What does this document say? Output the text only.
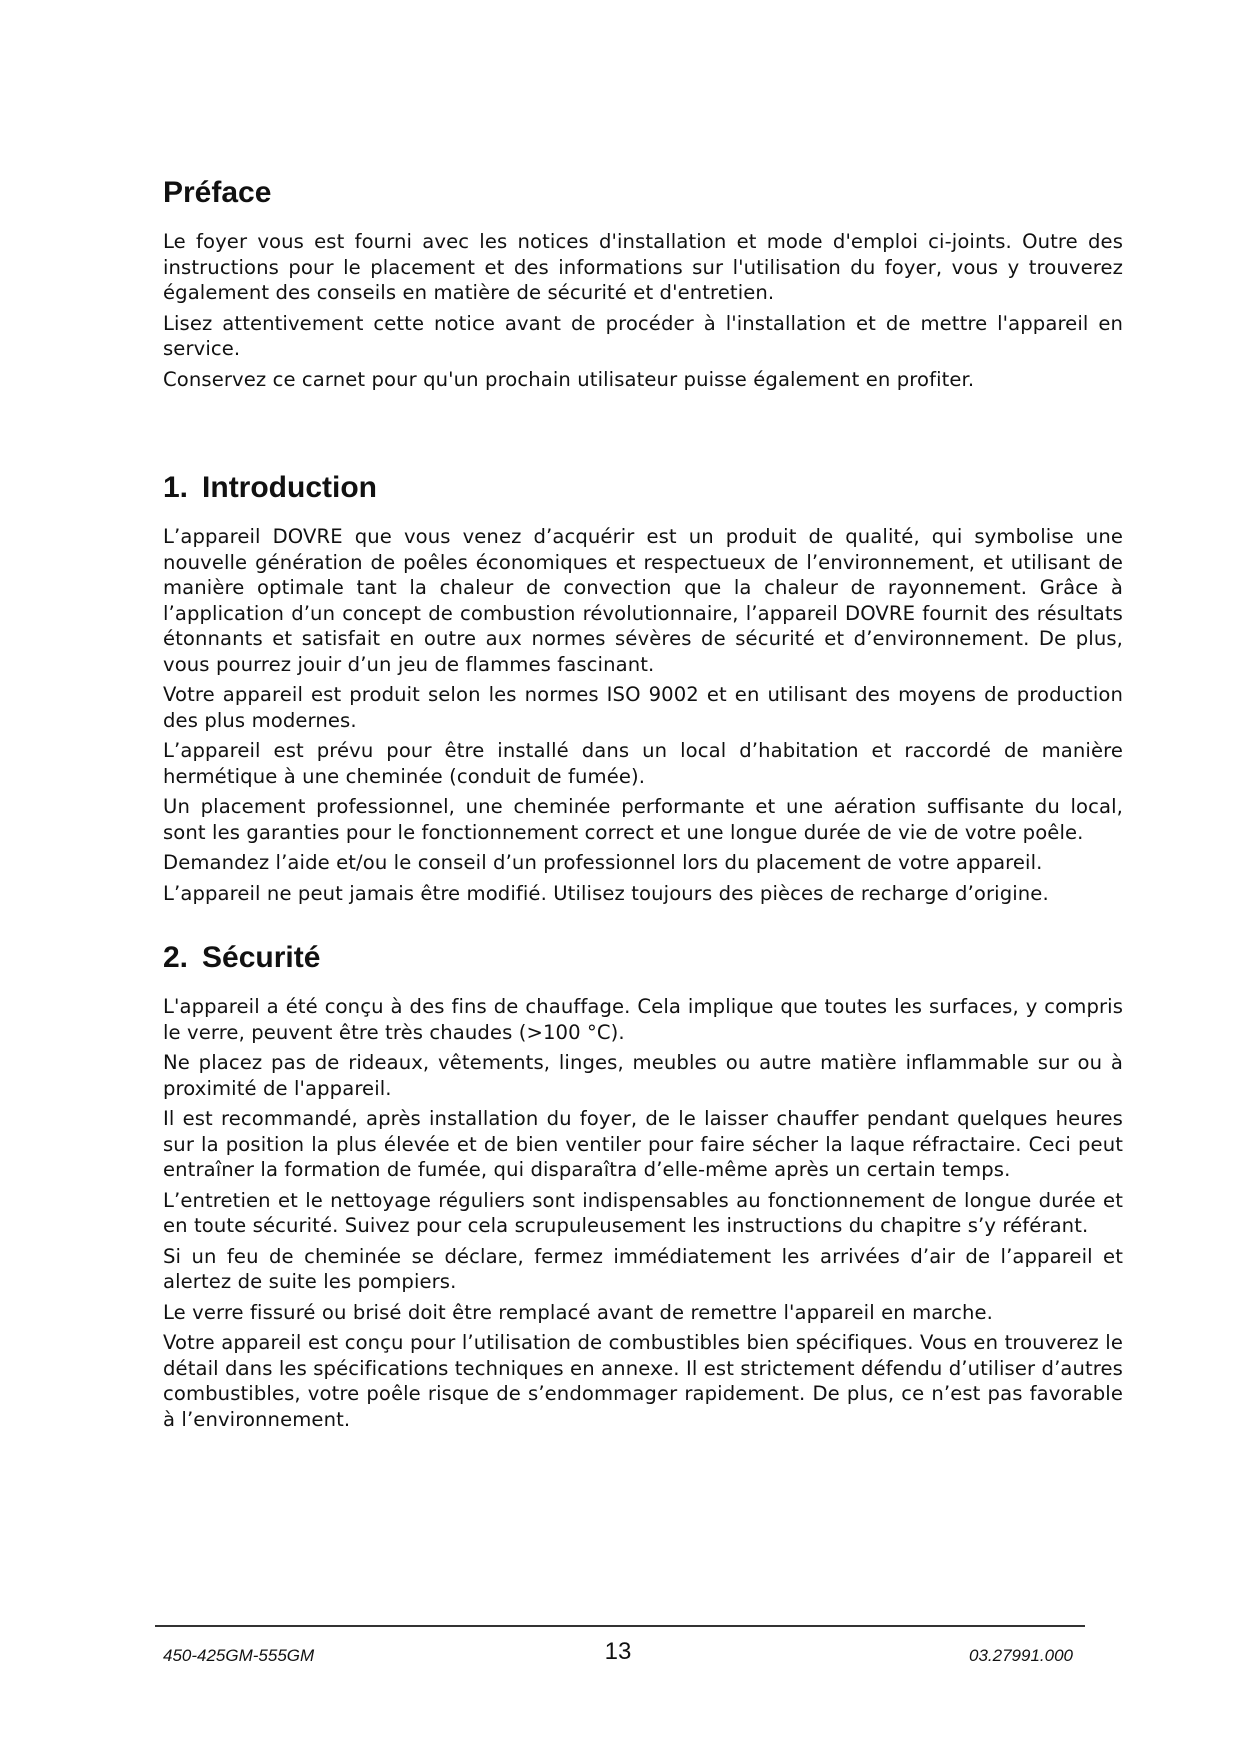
Préface

Le foyer vous est fourni avec les notices d'installation et mode d'emploi ci-joints. Outre des instructions pour le placement et des informations sur l'utilisation du foyer, vous y trouverez également des conseils en matière de sécurité et d'entretien.

Lisez attentivement cette notice avant de procéder à l'installation et de mettre l'appareil en service.

Conservez ce carnet pour qu'un prochain utilisateur puisse également en profiter.

1. Introduction

L’appareil DOVRE que vous venez d’acquérir est un produit de qualité, qui symbolise une nouvelle génération de poêles économiques et respectueux de l’environnement, et utilisant de manière optimale tant la chaleur de convection que la chaleur de rayonnement. Grâce à l’application d’un concept de combustion révolutionnaire, l’appareil DOVRE fournit des résultats étonnants et satisfait en outre aux normes sévères de sécurité et d’environnement. De plus, vous pourrez jouir d’un jeu de flammes fascinant.

Votre appareil est produit selon les normes ISO 9002 et en utilisant des moyens de production des plus modernes.

L’appareil est prévu pour être installé dans un local d’habitation et raccordé de manière hermétique à une cheminée (conduit de fumée).

Un placement professionnel, une cheminée performante et une aération suffisante du local, sont les garanties pour le fonctionnement correct et une longue durée de vie de votre poêle.

Demandez l’aide et/ou le conseil d’un professionnel lors du placement de votre appareil.

L’appareil ne peut jamais être modifié. Utilisez toujours des pièces de recharge d’origine.

2. Sécurité

L'appareil a été conçu à des fins de chauffage. Cela implique que toutes les surfaces, y compris le verre, peuvent être très chaudes (>100 °C).

Ne placez pas de rideaux, vêtements, linges, meubles ou autre matière inflammable sur ou à proximité de l'appareil.

Il est recommandé, après installation du foyer, de le laisser chauffer pendant quelques heures sur la position la plus élevée et de bien ventiler pour faire sécher la laque réfractaire. Ceci peut entraîner la formation de fumée, qui disparaîtra d’elle-même après un certain temps.

L’entretien et le nettoyage réguliers sont indispensables au fonctionnement de longue durée et en toute sécurité. Suivez pour cela scrupuleusement les instructions du chapitre s’y référant.

Si un feu de cheminée se déclare, fermez immédiatement les arrivées d’air de l’appareil et alertez de suite les pompiers.

Le verre fissuré ou brisé doit être remplacé avant de remettre l'appareil en marche.

Votre appareil est conçu pour l’utilisation de combustibles bien spécifiques. Vous en trouverez le détail dans les spécifications techniques en annexe. Il est strictement défendu d’utiliser d’autres combustibles, votre poêle risque de s’endommager rapidement. De plus, ce n’est pas favorable à l’environnement.

450-425GM-555GM	13	03.27991.000
